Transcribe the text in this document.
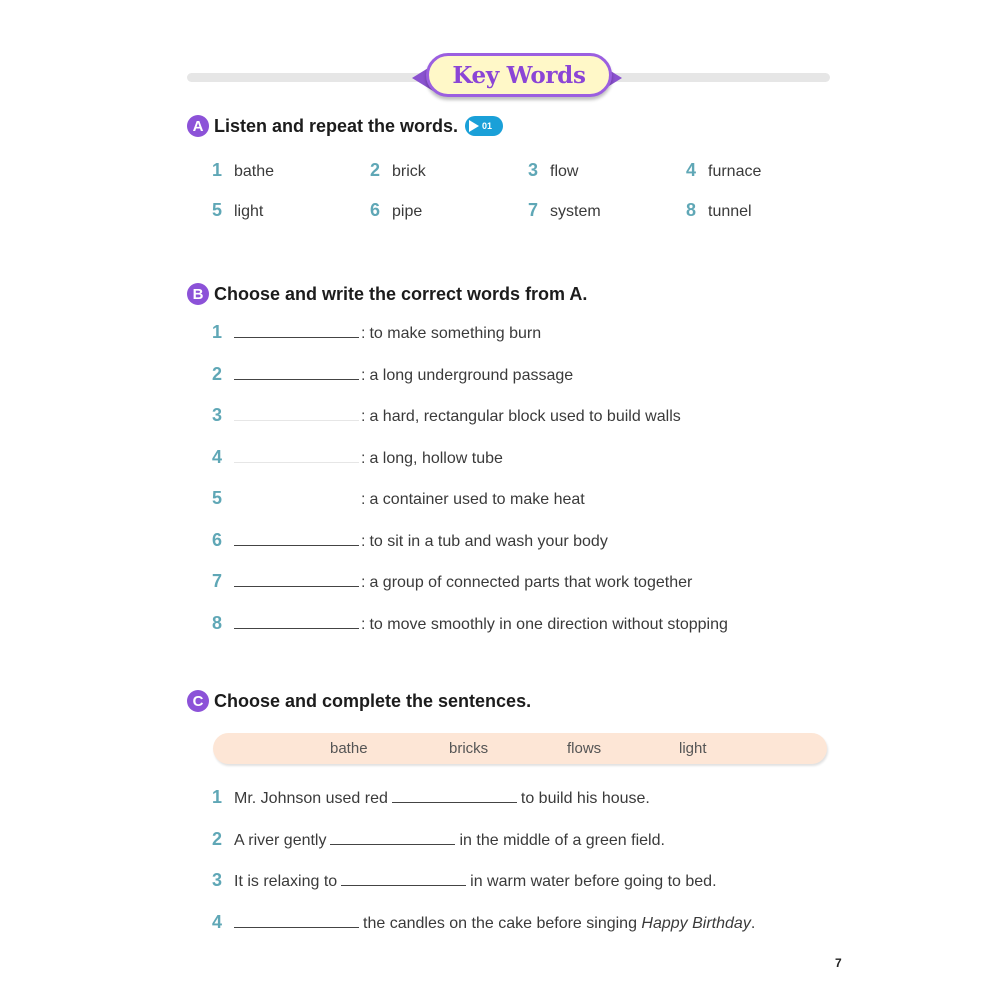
Key Words
A Listen and repeat the words.	01
1 bathe	2 brick	3 flow	4 furnace
5 light	6 pipe	7 system	8 tunnel
B Choose and write the correct words from A.
1	: to make something burn
2	: a long underground passage
3	: a hard, rectangular block used to build walls
4	: a long, hollow tube
5	: a container used to make heat
6	: to sit in a tub and wash your body
7	: a group of connected parts that work together
8	: to move smoothly in one direction without stopping
C Choose and complete the sentences.
bathe	bricks	flows	light
1 Mr. Johnson used red	to build his house.
2 A river gently	in the middle of a green field.
3 It is relaxing to	in warm water before going to bed.
4	the candles on the cake before singing
Happy Birthday .
7
